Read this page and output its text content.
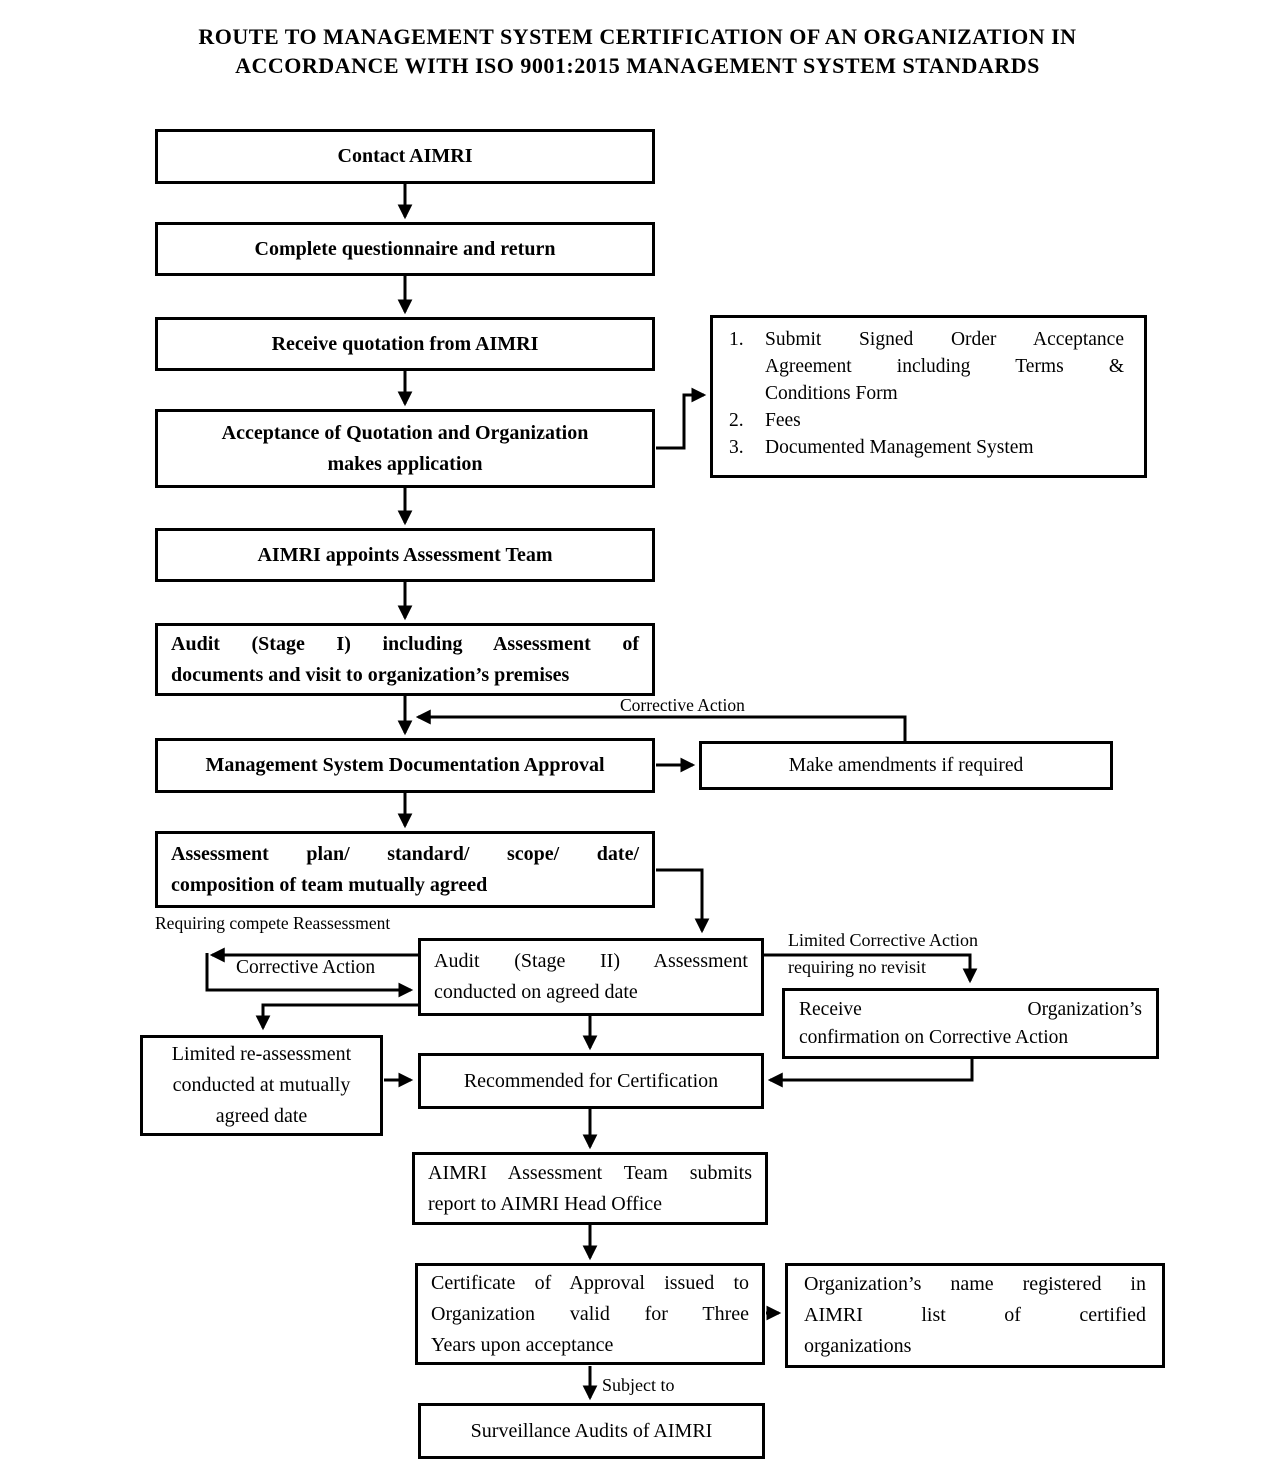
ROUTE TO MANAGEMENT SYSTEM CERTIFICATION OF AN ORGANIZATION IN
ACCORDANCE WITH ISO 9001:2015 MANAGEMENT SYSTEM STANDARDS
Contact AIMRI
Complete questionnaire and return
Receive quotation from AIMRI
Acceptance of Quotation and Organization
makes application
AIMRI appoints Assessment Team
Audit (Stage I) including Assessment of
documents and visit to organization’s premises
Management System Documentation Approval
Assessment plan/ standard/ scope/ date/
composition of team mutually agreed
1.	Submit Signed Order Acceptance
Agreement including Terms &
Conditions Form
2.	Fees
3.	Documented Management System
Make amendments if required
Audit (Stage II) Assessment
conducted on agreed date
Limited re-assessment
conducted at mutually
agreed date
Recommended for Certification
Receive Organization’s
confirmation on Corrective Action
AIMRI Assessment Team submits
report to AIMRI Head Office
Certificate of Approval issued to
Organization valid for Three
Years upon acceptance
Organization’s name registered in
AIMRI list of certified
organizations
Surveillance Audits of AIMRI
Corrective Action
Requiring compete Reassessment
Corrective Action
Limited Corrective Action
requiring no revisit
Subject to
